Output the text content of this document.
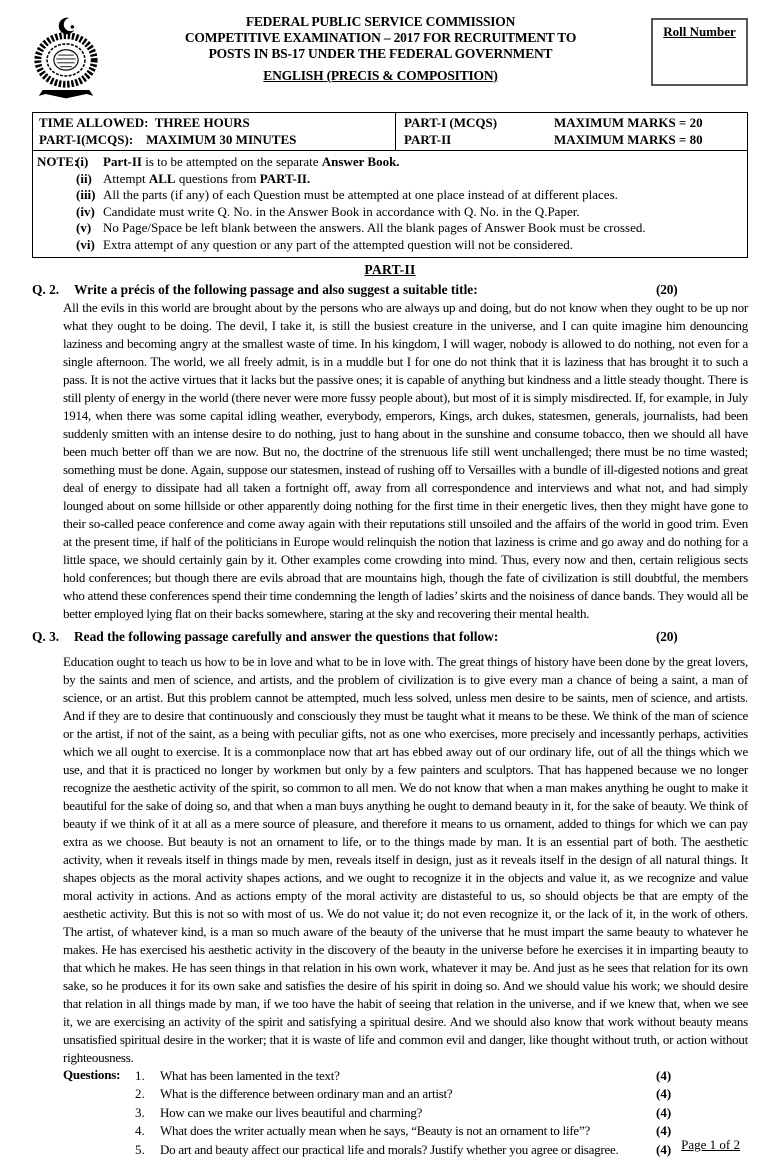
FEDERAL PUBLIC SERVICE COMMISSION
COMPETITIVE EXAMINATION – 2017 FOR RECRUITMENT TO
POSTS IN BS-17 UNDER THE FEDERAL GOVERNMENT
ENGLISH (PRECIS & COMPOSITION)
Roll Number
TIME ALLOWED:  THREE HOURS
PART-I(MCQS):    MAXIMUM 30 MINUTES
PART-I (MCQS)	MAXIMUM MARKS = 20
PART-II	MAXIMUM MARKS = 80
NOTE:
(i)	Part-II is to be attempted on the separate Answer Book.
(ii) Attempt ALL questions from PART-II.
(iii) All the parts (if any) of each Question must be attempted at one place instead of at different places.
(iv) Candidate must write Q. No. in the Answer Book in accordance with Q. No. in the Q.Paper.
(v) No Page/Space be left blank between the answers. All the blank pages of Answer Book must be crossed.
(vi) Extra attempt of any question or any part of the attempted question will not be considered.
PART-II
Q. 2.	Write a précis of the following passage and also suggest a suitable title:	(20)

All the evils in this world are brought about by the persons who are always up and doing, but do not know when they ought to be up nor what they ought to be doing. The devil, I take it, is still the busiest creature in the universe, and I can quite imagine him denouncing laziness and becoming angry at the smallest waste of time. In his kingdom, I will wager, nobody is allowed to do nothing, not even for a single afternoon. The world, we all freely admit, is in a muddle but I for one do not think that it is laziness that has brought it to such a pass. It is not the active virtues that it lacks but the passive ones; it is capable of anything but kindness and a little steady thought. There is still plenty of energy in the world (there never were more fussy people about), but most of it is simply misdirected. If, for example, in July 1914, when there was some capital idling weather, everybody, emperors, Kings, arch dukes, statesmen, generals, journalists, had been suddenly smitten with an intense desire to do nothing, just to hang about in the sunshine and consume tobacco, then we should all have been much better off than we are now. But no, the doctrine of the strenuous life still went unchallenged; there must be no time wasted; something must be done. Again, suppose our statesmen, instead of rushing off to Versailles with a bundle of ill-digested notions and great deal of energy to dissipate had all taken a fortnight off, away from all correspondence and interviews and what not, and had simply lounged about on some hillside or other apparently doing nothing for the first time in their energetic lives, then they might have gone to their so-called peace conference and come away again with their reputations still unsoiled and the affairs of the world in good trim. Even at the present time, if half of the politicians in Europe would relinquish the notion that laziness is crime and go away and do nothing for a little space, we should certainly gain by it. Other examples come crowding into mind. Thus, every now and then, certain religious sects hold conferences; but though there are evils abroad that are mountains high, though the fate of civilization is still doubtful, the members who attend these conferences spend their time condemning the length of ladies’ skirts and the noisiness of dance bands. They would all be better employed lying flat on their backs somewhere, staring at the sky and recovering their mental health.

Q. 3.	Read the following passage carefully and answer the questions that follow:	(20)

Education ought to teach us how to be in love and what to be in love with. The great things of history have been done by the great lovers, by the saints and men of science, and artists, and the problem of civilization is to give every man a chance of being a saint, a man of science, or an artist. But this problem cannot be attempted, much less solved, unless men desire to be saints, men of science, and artists. And if they are to desire that continuously and consciously they must be taught what it means to be these. We think of the man of science or the artist, if not of the saint, as a being with peculiar gifts, not as one who exercises, more precisely and incessantly perhaps, activities which we all ought to exercise. It is a commonplace now that art has ebbed away out of our ordinary life, out of all the things which we use, and that it is practiced no longer by workmen but only by a few painters and sculptors. That has happened because we no longer recognize the aesthetic activity of the spirit, so common to all men. We do not know that when a man makes anything he ought to make it beautiful for the sake of doing so, and that when a man buys anything he ought to demand beauty in it, for the sake of beauty. We think of beauty if we think of it at all as a mere source of pleasure, and therefore it means to us ornament, added to things for which we can pay extra as we choose. But beauty is not an ornament to life, or to the things made by man. It is an essential part of both. The aesthetic activity, when it reveals itself in things made by men, reveals itself in design, just as it reveals itself in the design of all natural things. It shapes objects as the moral activity shapes actions, and we ought to recognize it in the objects and value it, as we recognize and value moral activity in actions. And as actions empty of the moral activity are distasteful to us, so should objects be that are empty of the aesthetic activity. But this is not so with most of us. We do not value it; do not even recognize it, or the lack of it, in the work of others. The artist, of whatever kind, is a man so much aware of the beauty of the universe that he must impart the same beauty to whatever he makes. He has exercised his aesthetic activity in the discovery of the beauty in the universe before he exercises it in imparting beauty to that which he makes. He has seen things in that relation in his own work, whatever it may be. And just as he sees that relation for its own sake, so he produces it for its own sake and satisfies the desire of his spirit in doing so. And we should value his work; we should desire that relation in all things made by man, if we too have the habit of seeing that relation in the universe, and if we knew that, when we see it, we are exercising an activity of the spirit and satisfying a spiritual desire. And we should also know that work without beauty means unsatisfied spiritual desire in the worker; that it is waste of life and common evil and danger, like thought without truth, or action without righteousness.

Questions:	1.	What has been lamented in the text?	(4)
2.	What is the difference between ordinary man and an artist?	(4)
3.	How can we make our lives beautiful and charming?	(4)
4.	What does the writer actually mean when he says, “Beauty is not an ornament to life”?	(4)
5.	Do art and beauty affect our practical life and morals? Justify whether you agree or disagree.	(4) Page 1 of 2
